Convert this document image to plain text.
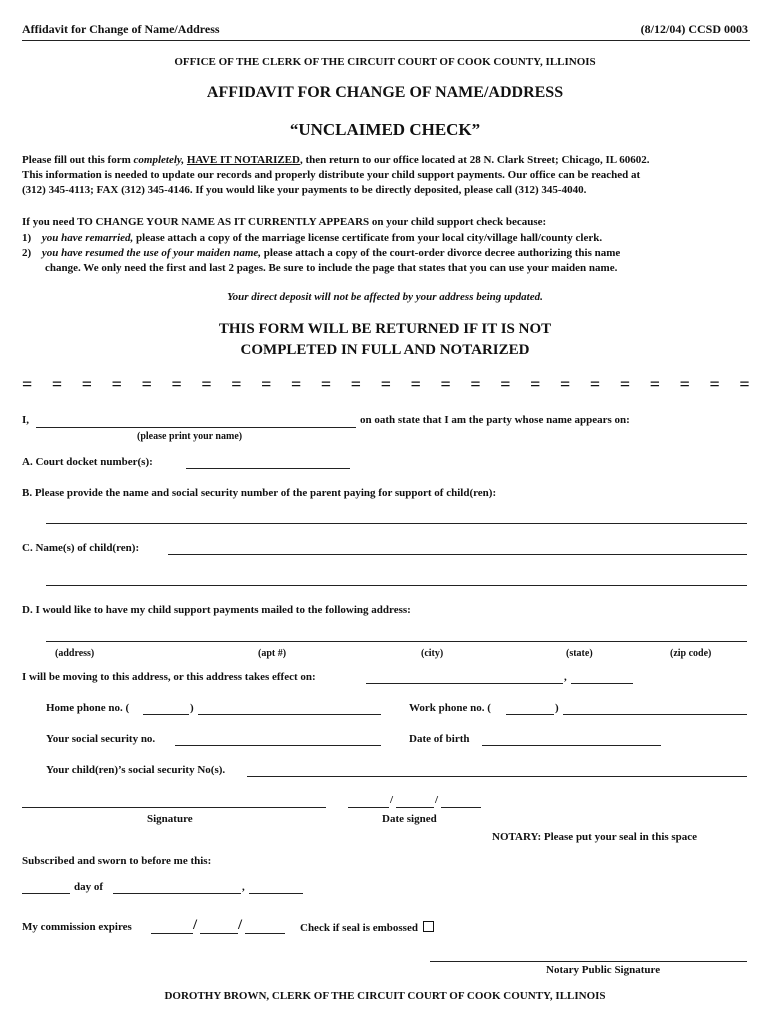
Affidavit for Change of Name/Address	(8/12/04) CCSD 0003
OFFICE OF THE CLERK OF THE CIRCUIT COURT OF COOK COUNTY, ILLINOIS
AFFIDAVIT FOR CHANGE OF NAME/ADDRESS
“UNCLAIMED CHECK”
Please fill out this form completely, HAVE IT NOTARIZED, then return to our office located at 28 N. Clark Street; Chicago, IL 60602.
This information is needed to update our records and properly distribute your child support payments. Our office can be reached at
(312) 345-4113; FAX (312) 345-4146. If you would like your payments to be directly deposited, please call (312) 345-4040.
If you need TO CHANGE YOUR NAME AS IT CURRENTLY APPEARS on your child support check because:
1) you have remarried, please attach a copy of the marriage license certificate from your local city/village hall/county clerk.
2) you have resumed the use of your maiden name, please attach a copy of the court-order divorce decree authorizing this name
change. We only need the first and last 2 pages. Be sure to include the page that states that you can use your maiden name.
Your direct deposit will not be affected by your address being updated.
THIS FORM WILL BE RETURNED IF IT IS NOT
COMPLETED IN FULL AND NOTARIZED
= = = = = = = = = = = = = = = = = = = = = = = = =
I,	on oath state that I am the party whose name appears on:
(please print your name)
A. Court docket number(s):
B. Please provide the name and social security number of the parent paying for support of child(ren):
C. Name(s) of child(ren):
D. I would like to have my child support payments mailed to the following address:
(address)	(apt #)	(city)	(state)	(zip code)
I will be moving to this address, or this address takes effect on:	,
Home phone no. (	)	Work phone no. (	)
Your social security no.	Date of birth
Your child(ren)’s social security No(s).
/	/
Signature	Date signed
NOTARY: Please put your seal in this space
Subscribed and sworn to before me this:
day of	,
My commission expires	/	/	Check if seal is embossed
Notary Public Signature
DOROTHY BROWN, CLERK OF THE CIRCUIT COURT OF COOK COUNTY, ILLINOIS
